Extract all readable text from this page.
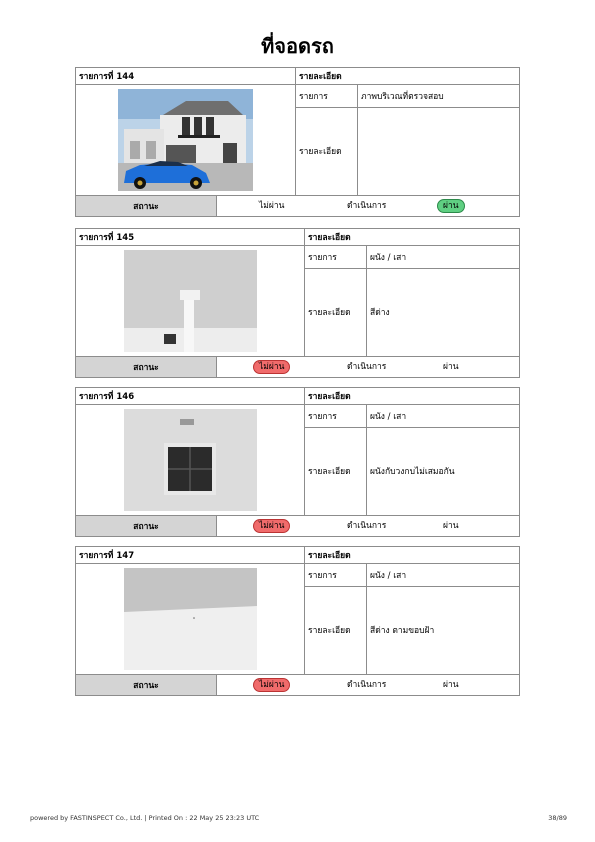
ที่จอดรถ
รายการที่ 144		รายละเอียด	

	รายการ	ภาพบริเวณที่ตรวจสอบ
		รายละเอียด	
สถานะ	ไม่ผ่าน ดำเนินการ ผ่าน		
รายการที่ 145		รายละเอียด	

	รายการ	ผนัง / เสา
		รายละเอียด	สีด่าง
สถานะ	ไม่ผ่าน ดำเนินการ ผ่าน		
รายการที่ 146		รายละเอียด	

	รายการ	ผนัง / เสา
		รายละเอียด	ผนังกับวงกบไม่เสมอกัน
สถานะ	ไม่ผ่าน ดำเนินการ ผ่าน		
รายการที่ 147		รายละเอียด	

	รายการ	ผนัง / เสา
		รายละเอียด	สีด่าง ตามขอบฝ้า
สถานะ	ไม่ผ่าน ดำเนินการ ผ่าน		
powered by FASTINSPECT Co., Ltd. | Printed On : 22 May 25 23:23 UTC	38/89
